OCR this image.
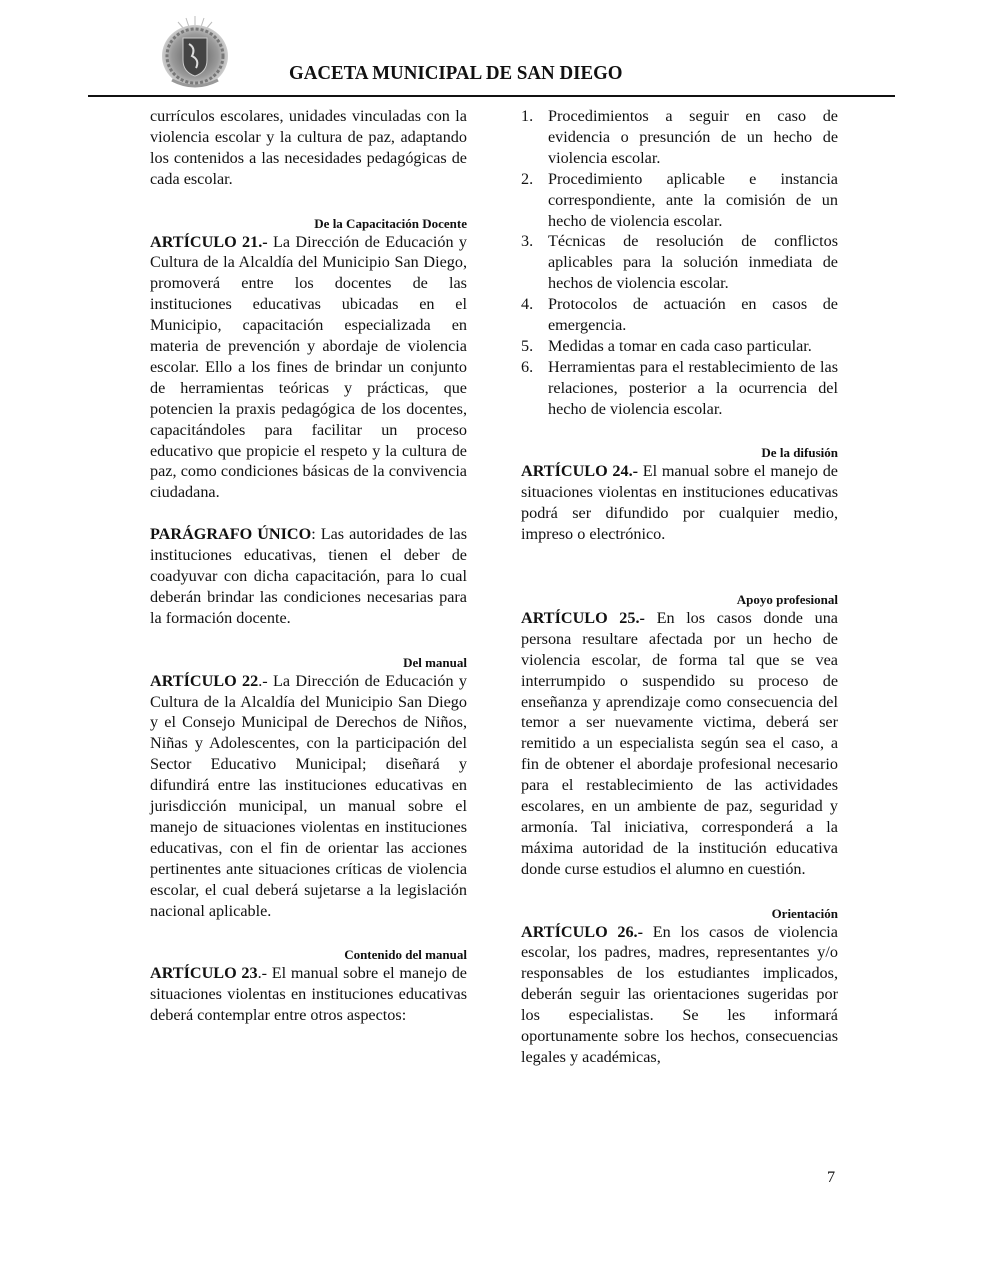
GACETA MUNICIPAL DE SAN DIEGO

currículos escolares, unidades vinculadas con la violencia escolar y la cultura de paz, adaptando los contenidos a las necesidades pedagógicas de cada escolar.

De la Capacitación Docente

ARTÍCULO 21.- La Dirección de Educación y Cultura de la Alcaldía del Municipio San Diego, promoverá entre los docentes de las instituciones educativas ubicadas en el Municipio, capacitación especializada en materia de prevención y abordaje de violencia escolar. Ello a los fines de brindar un conjunto de herramientas teóricas y prácticas, que potencien la praxis pedagógica de los docentes, capacitándoles para facilitar un proceso educativo que propicie el respeto y la cultura de paz, como condiciones básicas de la convivencia ciudadana.

PARÁGRAFO ÚNICO: Las autoridades de las instituciones educativas, tienen el deber de coadyuvar con dicha capacitación, para lo cual deberán brindar las condiciones necesarias para la formación docente.

Del manual

ARTÍCULO 22.- La Dirección de Educación y Cultura de la Alcaldía del Municipio San Diego y el Consejo Municipal de Derechos de Niños, Niñas y Adolescentes, con la participación del Sector Educativo Municipal; diseñará y difundirá entre las instituciones educativas en jurisdicción municipal, un manual sobre el manejo de situaciones violentas en instituciones educativas, con el fin de orientar las acciones pertinentes ante situaciones críticas de violencia escolar, el cual deberá sujetarse a la legislación nacional aplicable.

Contenido del manual

ARTÍCULO 23.- El manual sobre el manejo de situaciones violentas en instituciones educativas deberá contemplar entre otros aspectos:

1. Procedimientos a seguir en caso de evidencia o presunción de un hecho de violencia escolar.
2. Procedimiento aplicable e instancia correspondiente, ante la comisión de un hecho de violencia escolar.
3. Técnicas de resolución de conflictos aplicables para la solución inmediata de hechos de violencia escolar.
4. Protocolos de actuación en casos de emergencia.
5. Medidas a tomar en cada caso particular.
6. Herramientas para el restablecimiento de las relaciones, posterior a la ocurrencia del hecho de violencia escolar.
De la difusión

ARTÍCULO 24.- El manual sobre el manejo de situaciones violentas en instituciones educativas podrá ser difundido por cualquier medio, impreso o electrónico.

Apoyo profesional

ARTÍCULO 25.- En los casos donde una persona resultare afectada por un hecho de violencia escolar, de forma tal que se vea interrumpido o suspendido su proceso de enseñanza y aprendizaje como consecuencia del temor a ser nuevamente victima, deberá ser remitido a un especialista según sea el caso, a fin de obtener el abordaje profesional necesario para el restablecimiento de las actividades escolares, en un ambiente de paz, seguridad y armonía. Tal iniciativa, corresponderá a la máxima autoridad de la institución educativa donde curse estudios el alumno en cuestión.

Orientación

ARTÍCULO 26.- En los casos de violencia escolar, los padres, madres, representantes y/o responsables de los estudiantes implicados, deberán seguir las orientaciones sugeridas por los especialistas. Se les informará oportunamente sobre los hechos, consecuencias legales y académicas,

7
